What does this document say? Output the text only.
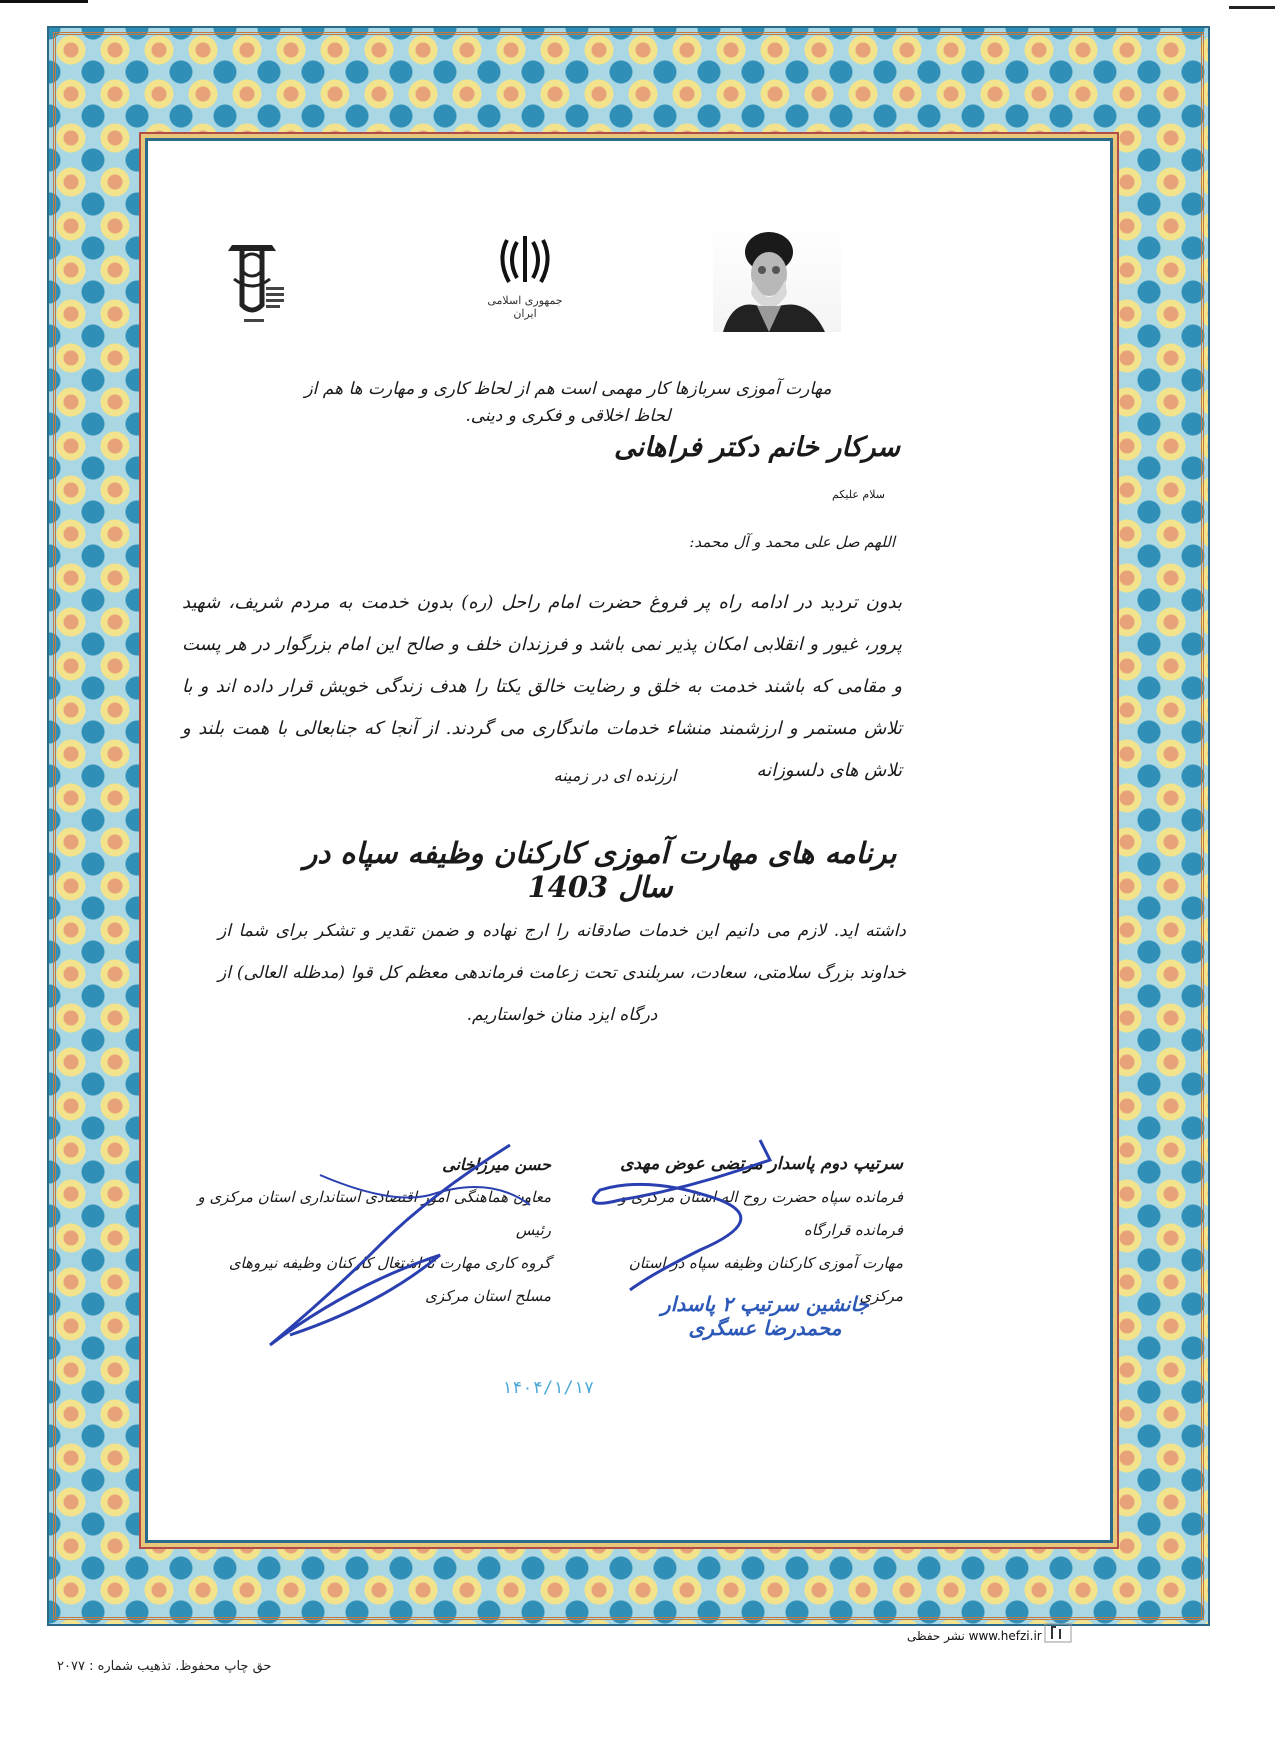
جمهوری اسلامی ایران
مهارت آموزی سربازها کار مهمی است هم از لحاظ کاری و مهارت ها هم از لحاظ اخلاقی و فکری و دینی.
سرکار خانم دکتر فراهانی
سلام علیکم
اللهم صل علی محمد و آل محمد:
بدون تردید در ادامه راه پر فروغ حضرت امام راحل (ره) بدون خدمت به مردم شریف، شهید پرور، غیور و انقلابی امکان پذیر نمی باشد و فرزندان خلف و صالح این امام بزرگوار در هر پست و مقامی که باشند خدمت به خلق و رضایت خالق یکتا را هدف زندگی خویش قرار داده اند و با تلاش مستمر و ارزشمند منشاء خدمات ماندگاری می گردند. از آنجا که جنابعالی با همت بلند و تلاش های دلسوزانه
ارزنده ای در زمینه
برنامه های مهارت آموزی کارکنان وظیفه سپاه در سال 1403
داشته اید. لازم می دانیم این خدمات صادقانه را ارج نهاده و ضمن تقدیر و تشکر برای شما از خداوند بزرگ سلامتی، سعادت، سربلندی تحت زعامت فرماندهی معظم کل قوا (مدظله العالی) از درگاه ایزد منان خواستاریم.
سرتیپ دوم پاسدار مرتضی عوض مهدی
فرمانده سپاه حضرت روح اله استان مرکزی و فرمانده قرارگاه
مهارت آموزی کارکنان وظیفه سپاه در استان مرکزی
حسن میرزاخانی
معاون هماهنگی امور اقتصادی استانداری استان مرکزی و رئیس
گروه کاری مهارت تا اشتغال کارکنان وظیفه نیروهای مسلح استان مرکزی	جانشین سرتیپ ۲ پاسدار محمدرضا عسگری
۱۴۰۴/۱/۱۷
www.hefzi.ir نشر حفظی
حق چاپ محفوظ. تذهیب شماره : ۲۰۷۷
